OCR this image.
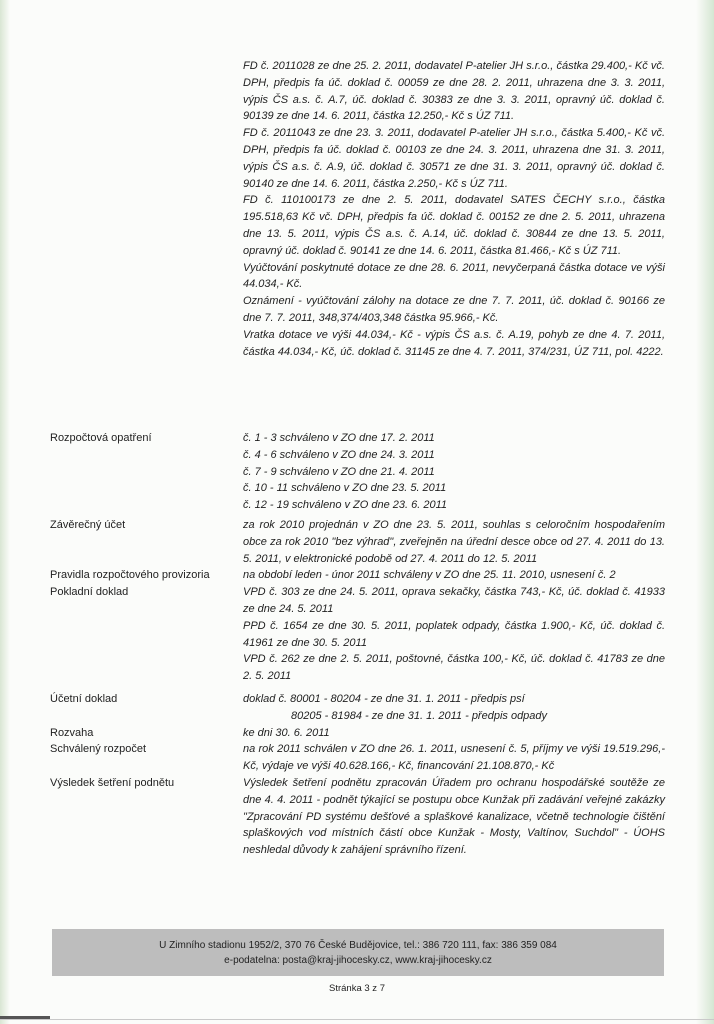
FD č. 2011028 ze dne 25. 2. 2011, dodavatel P-atelier JH s.r.o., částka 29.400,- Kč vč. DPH, předpis fa úč. doklad č. 00059 ze dne 28. 2. 2011, uhrazena dne 3. 3. 2011, výpis ČS a.s. č. A.7, úč. doklad č. 30383 ze dne 3. 3. 2011, opravný úč. doklad č. 90139 ze dne 14. 6. 2011, částka 12.250,- Kč s ÚZ 711.

FD č. 2011043 ze dne 23. 3. 2011, dodavatel P-atelier JH s.r.o., částka 5.400,- Kč vč. DPH, předpis fa úč. doklad č. 00103 ze dne 24. 3. 2011, uhrazena dne 31. 3. 2011, výpis ČS a.s. č. A.9, úč. doklad č. 30571 ze dne 31. 3. 2011, opravný úč. doklad č. 90140 ze dne 14. 6. 2011, částka 2.250,- Kč s ÚZ 711.

FD č. 110100173 ze dne 2. 5. 2011, dodavatel SATES ČECHY s.r.o., částka 195.518,63 Kč vč. DPH, předpis fa úč. doklad č. 00152 ze dne 2. 5. 2011, uhrazena dne 13. 5. 2011, výpis ČS a.s. č. A.14, úč. doklad č. 30844 ze dne 13. 5. 2011, opravný úč. doklad č. 90141 ze dne 14. 6. 2011, částka 81.466,- Kč s ÚZ 711.

Vyúčtování poskytnuté dotace ze dne 28. 6. 2011, nevyčerpaná částka dotace ve výši 44.034,- Kč.

Oznámení - vyúčtování zálohy na dotace ze dne 7. 7. 2011, úč. doklad č. 90166 ze dne 7. 7. 2011, 348,374/403,348 částka 95.966,- Kč.

Vratka dotace ve výši 44.034,- Kč - výpis ČS a.s. č. A.19, pohyb ze dne 4. 7. 2011, částka 44.034,- Kč, úč. doklad č. 31145 ze dne 4. 7. 2011, 374/231, ÚZ 711, pol. 4222.

Rozpočtová opatření	č. 1 - 3 schváleno v ZO dne 17. 2. 2011

č. 4 - 6 schváleno v ZO dne 24. 3. 2011

č. 7 - 9 schváleno v ZO dne 21. 4. 2011

č. 10 - 11 schváleno v ZO dne 23. 5. 2011

č. 12 - 19 schváleno v ZO dne 23. 6. 2011

Závěrečný účet	za rok 2010 projednán v ZO dne 23. 5. 2011, souhlas s celoročním hospodařením obce za rok 2010 "bez výhrad", zveřejněn na úřední desce obce od 27. 4. 2011 do 13. 5. 2011, v elektronické podobě od 27. 4. 2011 do 12. 5. 2011
Pravidla rozpočtového provizoria	na období leden - únor 2011 schváleny v ZO dne 25. 11. 2010, usnesení č. 2
Pokladní doklad	VPD č. 303 ze dne 24. 5. 2011, oprava sekačky, částka 743,- Kč, úč. doklad č. 41933 ze dne 24. 5. 2011

PPD č. 1654 ze dne 30. 5. 2011, poplatek odpady, částka 1.900,- Kč, úč. doklad č. 41961 ze dne 30. 5. 2011

VPD č. 262 ze dne 2. 5. 2011, poštovné, částka 100,- Kč, úč. doklad č. 41783 ze dne 2. 5. 2011

Účetní doklad	doklad č. 80001 - 80204 - ze dne 31. 1. 2011 - předpis psí

80205 - 81984 - ze dne 31. 1. 2011 - předpis odpady

Rozvaha	ke dni 30. 6. 2011
Schválený rozpočet	na rok 2011 schválen v ZO dne 26. 1. 2011, usnesení č. 5, příjmy ve výši 19.519.296,- Kč, výdaje ve výši 40.628.166,- Kč, financování 21.108.870,- Kč
Výsledek šetření podnětu	Výsledek šetření podnětu zpracován Úřadem pro ochranu hospodářské soutěže ze dne 4. 4. 2011 - podnět týkající se postupu obce Kunžak při zadávání veřejné zakázky "Zpracování PD systému dešťové a splaškové kanalizace, včetně technologie čištění splaškových vod místních částí obce Kunžak - Mosty, Valtínov, Suchdol" - ÚOHS neshledal důvody k zahájení správního řízení.
U Zimního stadionu 1952/2, 370 76 České Budějovice, tel.: 386 720 111, fax: 386 359 084
e-podatelna: posta@kraj-jihocesky.cz, www.kraj-jihocesky.cz
Stránka 3 z 7
